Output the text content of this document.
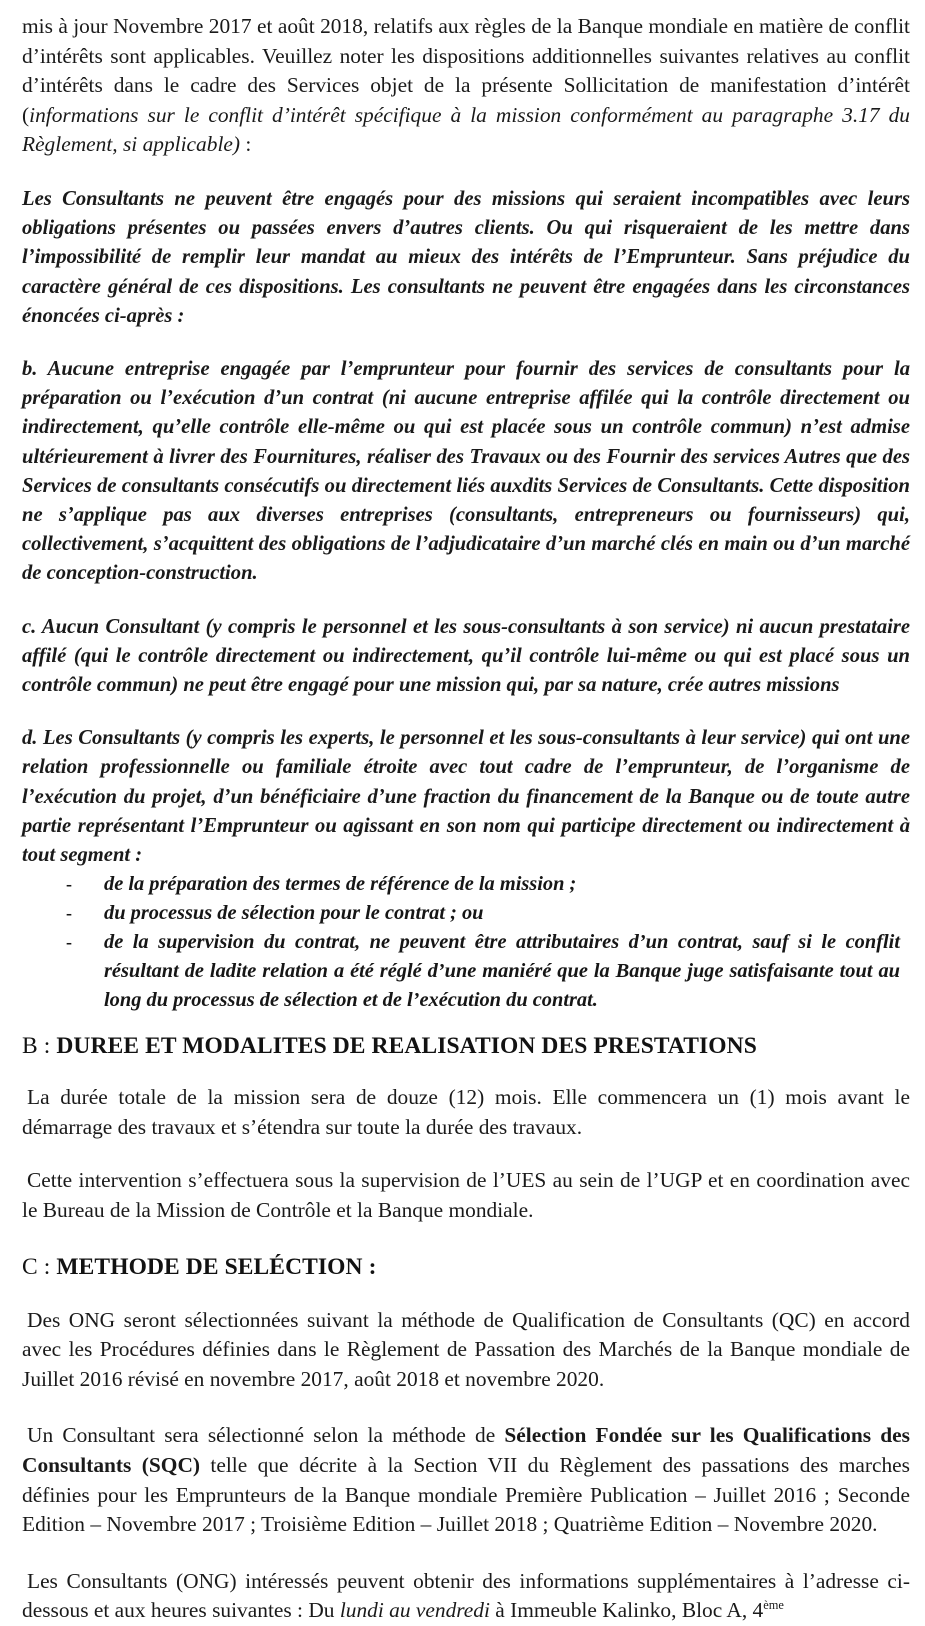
mis à jour Novembre 2017 et août 2018, relatifs aux règles de la Banque mondiale en matière de conflit d’intérêts sont applicables. Veuillez noter les dispositions additionnelles suivantes relatives au conflit d’intérêts dans le cadre des Services objet de la présente Sollicitation de manifestation d’intérêt (informations sur le conflit d’intérêt spécifique à la mission conformément au paragraphe 3.17 du Règlement, si applicable) :

Les Consultants ne peuvent être engagés pour des missions qui seraient incompatibles avec leurs obligations présentes ou passées envers d’autres clients. Ou qui risqueraient de les mettre dans l’impossibilité de remplir leur mandat au mieux des intérêts de l’Emprunteur. Sans préjudice du caractère général de ces dispositions. Les consultants ne peuvent être engagées dans les circonstances énoncées ci-après :

b. Aucune entreprise engagée par l’emprunteur pour fournir des services de consultants pour la préparation ou l’exécution d’un contrat (ni aucune entreprise affilée qui la contrôle directement ou indirectement, qu’elle contrôle elle-même ou qui est placée sous un contrôle commun) n’est admise ultérieurement à livrer des Fournitures, réaliser des Travaux ou des Fournir des services Autres que des Services de consultants consécutifs ou directement liés auxdits Services de Consultants. Cette disposition ne s’applique pas aux diverses entreprises (consultants, entrepreneurs ou fournisseurs) qui, collectivement, s’acquittent des obligations de l’adjudicataire d’un marché clés en main ou d’un marché de conception-construction.

c. Aucun Consultant (y compris le personnel et les sous-consultants à son service) ni aucun prestataire affilé (qui le contrôle directement ou indirectement, qu’il contrôle lui-même ou qui est placé sous un contrôle commun) ne peut être engagé pour une mission qui, par sa nature, crée autres missions

d. Les Consultants (y compris les experts, le personnel et les sous-consultants à leur service) qui ont une relation professionnelle ou familiale étroite avec tout cadre de l’emprunteur, de l’organisme de l’exécution du projet, d’un bénéficiaire d’une fraction du financement de la Banque ou de toute autre partie représentant l’Emprunteur ou agissant en son nom qui participe directement ou indirectement à tout segment :

-	de la préparation des termes de référence de la mission ;
-	du processus de sélection pour le contrat ; ou
-	de la supervision du contrat, ne peuvent être attributaires d’un contrat, sauf si le conflit résultant de ladite relation a été réglé d’une maniéré que la Banque juge satisfaisante tout au long du processus de sélection et de l’exécution du contrat.
B : DUREE ET MODALITES DE REALISATION DES PRESTATIONS

La durée totale de la mission sera de douze (12) mois. Elle commencera un (1) mois avant le démarrage des travaux et s’étendra sur toute la durée des travaux.

Cette intervention s’effectuera sous la supervision de l’UES au sein de l’UGP et en coordination avec le Bureau de la Mission de Contrôle et la Banque mondiale.

C : METHODE DE SELÉCTION :

Des ONG seront sélectionnées suivant la méthode de Qualification de Consultants (QC) en accord avec les Procédures définies dans le Règlement de Passation des Marchés de la Banque mondiale de Juillet 2016 révisé en novembre 2017, août 2018 et novembre 2020.

Un Consultant sera sélectionné selon la méthode de Sélection Fondée sur les Qualifications des Consultants (SQC) telle que décrite à la Section VII du Règlement des passations des marches définies pour les Emprunteurs de la Banque mondiale Première Publication – Juillet 2016 ; Seconde Edition – Novembre 2017 ; Troisième Edition – Juillet 2018 ; Quatrième Edition – Novembre 2020.

Les Consultants (ONG) intéressés peuvent obtenir des informations supplémentaires à l’adresse ci-dessous et aux heures suivantes : Du lundi au vendredi à Immeuble Kalinko, Bloc A, 4ème
